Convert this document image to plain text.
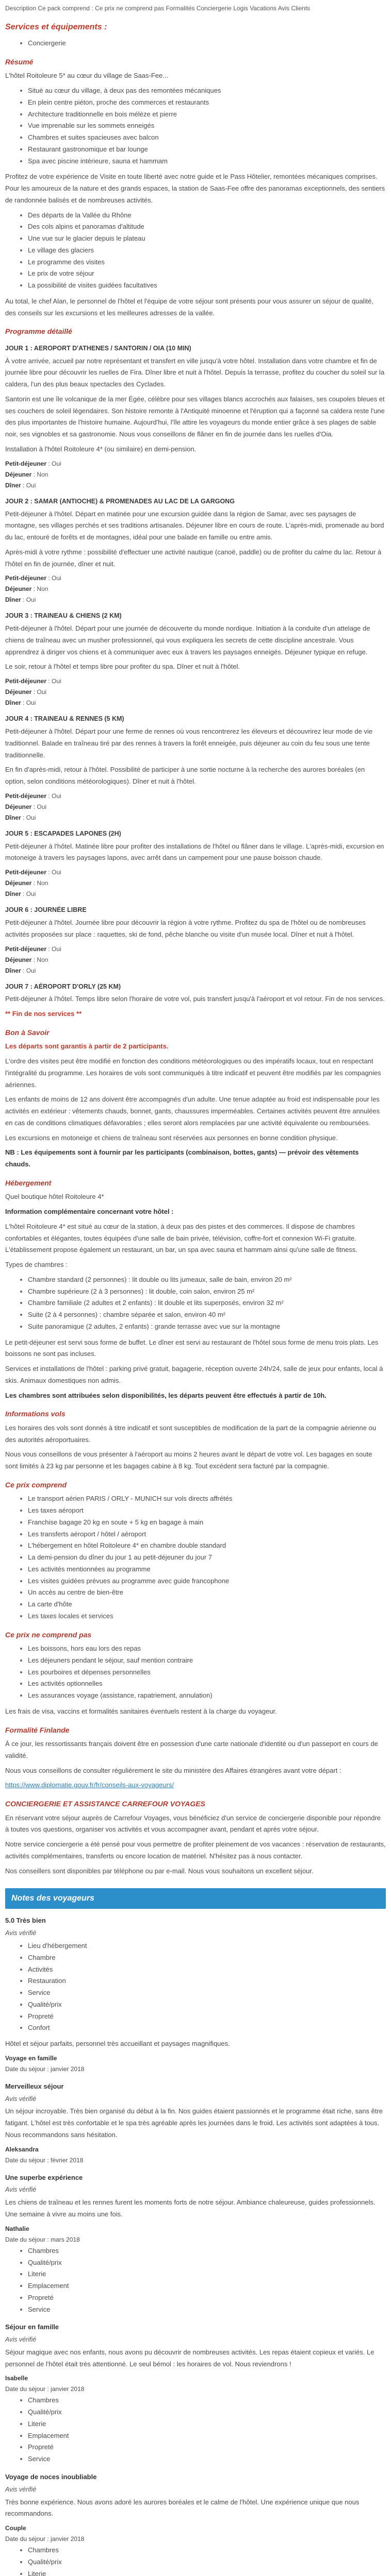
Description Ce pack comprend : Ce prix ne comprend pas Formalités Conciergerie Logis Vacations Avis Clients

Services et équipements :
• Conciergerie
Résumé

L'hôtel Roitoleure 5* au cœur du village de Saas-Fee...

• Situé au cœur du village, à deux pas des remontées mécaniques
• En plein centre piéton, proche des commerces et restaurants
• Architecture traditionnelle en bois mélèze et pierre
• Vue imprenable sur les sommets enneigés
• Chambres et suites spacieuses avec balcon
• Restaurant gastronomique et bar lounge
• Spa avec piscine intérieure, sauna et hammam

Profitez de votre expérience de Visite en toute liberté avec notre guide et le Pass Hôtelier, remontées mécaniques comprises. Pour les amoureux de la nature et des grands espaces, la station de Saas-Fee offre des panoramas exceptionnels, des sentiers de randonnée balisés et de nombreuses activités.

• Des départs de la Vallée du Rhône
• Des cols alpins et panoramas d'altitude
• Une vue sur le glacier depuis le plateau
• Le village des glaciers
• Le programme des visites
• Le prix de votre séjour
• La possibilité de visites guidées facultatives

Au total, le chef Alan, le personnel de l'hôtel et l'équipe de votre séjour sont présents pour vous assurer un séjour de qualité, des conseils sur les excursions et les meilleures adresses de la vallée.

Programme détaillé

JOUR 1 : AEROPORT D'ATHENES / SANTORIN / OIA (10 MIN)

À votre arrivée, accueil par notre représentant et transfert en ville jusqu'à votre hôtel. Installation dans votre chambre et fin de journée libre pour découvrir les ruelles de Fira. Dîner libre et nuit à l'hôtel. Depuis la terrasse, profitez du coucher du soleil sur la caldera, l'un des plus beaux spectacles des Cyclades.

Santorin est une île volcanique de la mer Égée, célèbre pour ses villages blancs accrochés aux falaises, ses coupoles bleues et ses couchers de soleil légendaires. Son histoire remonte à l'Antiquité minoenne et l'éruption qui a façonné sa caldera reste l'une des plus importantes de l'histoire humaine. Aujourd'hui, l'île attire les voyageurs du monde entier grâce à ses plages de sable noir, ses vignobles et sa gastronomie. Nous vous conseillons de flâner en fin de journée dans les ruelles d'Oia.

Installation à l'hôtel Roitoleure 4* (ou similaire) en demi-pension.

Petit-déjeuner : Oui

Déjeuner : Non

Dîner : Oui

JOUR 2 : SAMAR (ANTIOCHE) & PROMENADES AU LAC DE LA GARGONG

Petit-déjeuner à l'hôtel. Départ en matinée pour une excursion guidée dans la région de Samar, avec ses paysages de montagne, ses villages perchés et ses traditions artisanales. Déjeuner libre en cours de route. L'après-midi, promenade au bord du lac, entouré de forêts et de montagnes, idéal pour une balade en famille ou entre amis.

Après-midi à votre rythme : possibilité d'effectuer une activité nautique (canoë, paddle) ou de profiter du calme du lac. Retour à l'hôtel en fin de journée, dîner et nuit.

Petit-déjeuner : Oui

Déjeuner : Non

Dîner : Oui

JOUR 3 : TRAINEAU & CHIENS (2 KM)

Petit-déjeuner à l'hôtel. Départ pour une journée de découverte du monde nordique. Initiation à la conduite d'un attelage de chiens de traîneau avec un musher professionnel, qui vous expliquera les secrets de cette discipline ancestrale. Vous apprendrez à diriger vos chiens et à communiquer avec eux à travers les paysages enneigés. Déjeuner typique en refuge.

Le soir, retour à l'hôtel et temps libre pour profiter du spa. Dîner et nuit à l'hôtel.

Petit-déjeuner : Oui

Déjeuner : Oui

Dîner : Oui

JOUR 4 : TRAINEAU & RENNES (5 KM)

Petit-déjeuner à l'hôtel. Départ pour une ferme de rennes où vous rencontrerez les éleveurs et découvrirez leur mode de vie traditionnel. Balade en traîneau tiré par des rennes à travers la forêt enneigée, puis déjeuner au coin du feu sous une tente traditionnelle.

En fin d'après-midi, retour à l'hôtel. Possibilité de participer à une sortie nocturne à la recherche des aurores boréales (en option, selon conditions météorologiques). Dîner et nuit à l'hôtel.

Petit-déjeuner : Oui

Déjeuner : Oui

Dîner : Oui

JOUR 5 : ESCAPADES LAPONES (2H)

Petit-déjeuner à l'hôtel. Matinée libre pour profiter des installations de l'hôtel ou flâner dans le village. L'après-midi, excursion en motoneige à travers les paysages lapons, avec arrêt dans un campement pour une pause boisson chaude.

Petit-déjeuner : Oui

Déjeuner : Non

Dîner : Oui

JOUR 6 : JOURNÉE LIBRE

Petit-déjeuner à l'hôtel. Journée libre pour découvrir la région à votre rythme. Profitez du spa de l'hôtel ou de nombreuses activités proposées sur place : raquettes, ski de fond, pêche blanche ou visite d'un musée local. Dîner et nuit à l'hôtel.

Petit-déjeuner : Oui

Déjeuner : Non

Dîner : Oui

JOUR 7 : AÉROPORT D'ORLY (25 KM)

Petit-déjeuner à l'hôtel. Temps libre selon l'horaire de votre vol, puis transfert jusqu'à l'aéroport et vol retour. Fin de nos services.

** Fin de nos services **

Bon à Savoir

Les départs sont garantis à partir de 2 participants.

L'ordre des visites peut être modifié en fonction des conditions météorologiques ou des impératifs locaux, tout en respectant l'intégralité du programme. Les horaires de vols sont communiqués à titre indicatif et peuvent être modifiés par les compagnies aériennes.

Les enfants de moins de 12 ans doivent être accompagnés d'un adulte. Une tenue adaptée au froid est indispensable pour les activités en extérieur : vêtements chauds, bonnet, gants, chaussures imperméables. Certaines activités peuvent être annulées en cas de conditions climatiques défavorables ; elles seront alors remplacées par une activité équivalente ou remboursées.

Les excursions en motoneige et chiens de traîneau sont réservées aux personnes en bonne condition physique.

NB : Les équipements sont à fournir par les participants (combinaison, bottes, gants) — prévoir des vêtements chauds.

Hébergement

Quel boutique hôtel Roitoleure 4*

Information complémentaire concernant votre hôtel :

L'hôtel Roitoleure 4* est situé au cœur de la station, à deux pas des pistes et des commerces. Il dispose de chambres confortables et élégantes, toutes équipées d'une salle de bain privée, télévision, coffre-fort et connexion Wi-Fi gratuite. L'établissement propose également un restaurant, un bar, un spa avec sauna et hammam ainsi qu'une salle de fitness.

Types de chambres :

• Chambre standard (2 personnes) : lit double ou lits jumeaux, salle de bain, environ 20 m²
• Chambre supérieure (2 à 3 personnes) : lit double, coin salon, environ 25 m²
• Chambre familiale (2 adultes et 2 enfants) : lit double et lits superposés, environ 32 m²
• Suite (2 à 4 personnes) : chambre séparée et salon, environ 40 m²
• Suite panoramique (2 adultes, 2 enfants) : grande terrasse avec vue sur la montagne

Le petit-déjeuner est servi sous forme de buffet. Le dîner est servi au restaurant de l'hôtel sous forme de menu trois plats. Les boissons ne sont pas incluses.

Services et installations de l'hôtel : parking privé gratuit, bagagerie, réception ouverte 24h/24, salle de jeux pour enfants, local à skis. Animaux domestiques non admis.

Les chambres sont attribuées selon disponibilités, les départs peuvent être effectués à partir de 10h.

Informations vols

Les horaires des vols sont donnés à titre indicatif et sont susceptibles de modification de la part de la compagnie aérienne ou des autorités aéroportuaires.

Nous vous conseillons de vous présenter à l'aéroport au moins 2 heures avant le départ de votre vol. Les bagages en soute sont limités à 23 kg par personne et les bagages cabine à 8 kg. Tout excédent sera facturé par la compagnie.

Ce prix comprend
• Le transport aérien PARIS / ORLY - MUNICH sur vols directs affrétés
• Les taxes aéroport
• Franchise bagage 20 kg en soute + 5 kg en bagage à main
• Les transferts aéroport / hôtel / aéroport
• L'hébergement en hôtel Roitoleure 4* en chambre double standard
• La demi-pension du dîner du jour 1 au petit-déjeuner du jour 7
• Les activités mentionnées au programme
• Les visites guidées prévues au programme avec guide francophone
• Un accès au centre de bien-être
• La carte d'hôte
• Les taxes locales et services
Ce prix ne comprend pas
• Les boissons, hors eau lors des repas
• Les déjeuners pendant le séjour, sauf mention contraire
• Les pourboires et dépenses personnelles
• Les activités optionnelles
• Les assurances voyage (assistance, rapatriement, annulation)

Les frais de visa, vaccins et formalités sanitaires éventuels restent à la charge du voyageur.

Formalité Finlande

À ce jour, les ressortissants français doivent être en possession d'une carte nationale d'identité ou d'un passeport en cours de validité.

Nous vous conseillons de consulter régulièrement le site du ministère des Affaires étrangères avant votre départ :

https://www.diplomatie.gouv.fr/fr/conseils-aux-voyageurs/

CONCIERGERIE ET ASSISTANCE CARREFOUR VOYAGES

En réservant votre séjour auprès de Carrefour Voyages, vous bénéficiez d'un service de conciergerie disponible pour répondre à toutes vos questions, organiser vos activités et vous accompagner avant, pendant et après votre séjour.

Notre service conciergerie a été pensé pour vous permettre de profiter pleinement de vos vacances : réservation de restaurants, activités complémentaires, transferts ou encore location de matériel. N'hésitez pas à nous contacter.

Nos conseillers sont disponibles par téléphone ou par e-mail. Nous vous souhaitons un excellent séjour.

Notes des voyageurs

5.0 Très bien

Avis vérifié

• Lieu d'hébergement
• Chambre
• Activités
• Restauration
• Service
• Qualité/prix
• Propreté
• Confort

Hôtel et séjour parfaits, personnel très accueillant et paysages magnifiques.

Voyage en famille

Date du séjour : janvier 2018

Merveilleux séjour

Avis vérifié

Un séjour incroyable. Très bien organisé du début à la fin. Nos guides étaient passionnés et le programme était riche, sans être fatigant. L'hôtel est très confortable et le spa très agréable après les journées dans le froid. Les activités sont adaptées à tous. Nous recommandons sans hésitation.

Aleksandra

Date du séjour : février 2018

Une superbe expérience

Avis vérifié

Les chiens de traîneau et les rennes furent les moments forts de notre séjour. Ambiance chaleureuse, guides professionnels. Une semaine à vivre au moins une fois.

Nathalie

Date du séjour : mars 2018

• Chambres
• Qualité/prix
• Literie
• Emplacement
• Propreté
• Service

Séjour en famille

Avis vérifié

Séjour magique avec nos enfants, nous avons pu découvrir de nombreuses activités. Les repas étaient copieux et variés. Le personnel de l'hôtel était très attentionné. Le seul bémol : les horaires de vol. Nous reviendrons !

Isabelle

Date du séjour : janvier 2018

• Chambres
• Qualité/prix
• Literie
• Emplacement
• Propreté
• Service

Voyage de noces inoubliable

Avis vérifié

Très bonne expérience. Nous avons adoré les aurores boréales et le calme de l'hôtel. Une expérience unique que nous recommandons.

Couple

Date du séjour : janvier 2018

• Chambres
• Qualité/prix
• Literie
